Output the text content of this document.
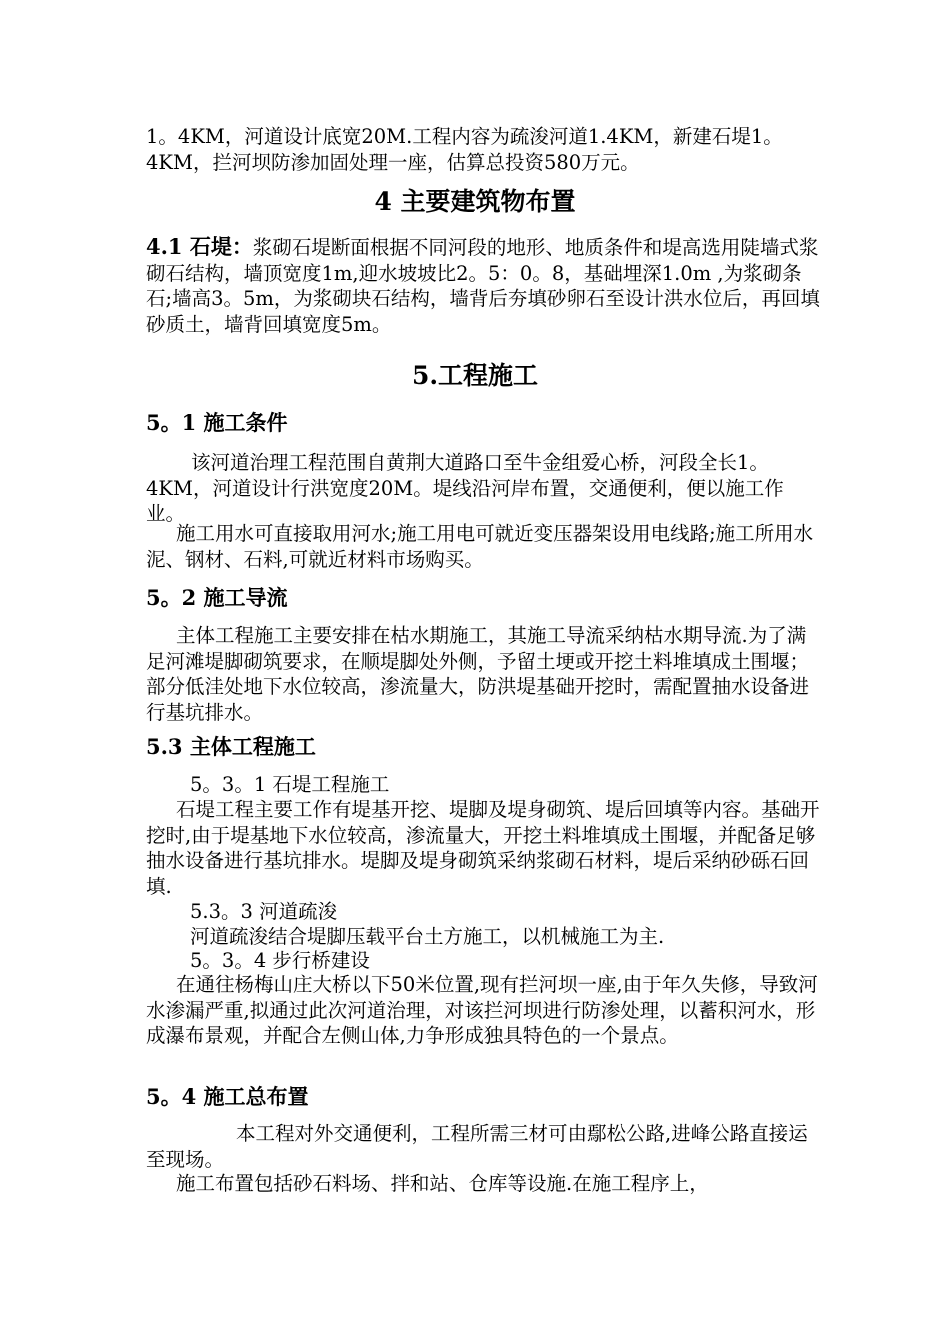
1。4KM，河道设计底宽20M.工程内容为疏浚河道1.4KM，新建石堤1。4KM，拦河坝防渗加固处理一座，估算总投资580万元。

4 主要建筑物布置

4.1 石堤：浆砌石堤断面根据不同河段的地形、地质条件和堤高选用陡墙式浆砌石结构，墙顶宽度1m,迎水坡坡比2。5：0。8，基础埋深1.0m ,为浆砌条石;墙高3。5m，为浆砌块石结构，墙背后夯填砂卵石至设计洪水位后，再回填砂质土，墙背回填宽度5m。

5.工程施工
5。1 施工条件

该河道治理工程范围自黄荆大道路口至牛金组爱心桥，河段全长1。4KM，河道设计行洪宽度20M。堤线沿河岸布置，交通便利，便以施工作业。

施工用水可直接取用河水;施工用电可就近变压器架设用电线路;施工所用水泥、钢材、石料,可就近材料市场购买。

5。2 施工导流

主体工程施工主要安排在枯水期施工，其施工导流采纳枯水期导流.为了满足河滩堤脚砌筑要求，在顺堤脚处外侧，予留土埂或开挖土料堆填成土围堰；部分低洼处地下水位较高，渗流量大，防洪堤基础开挖时，需配置抽水设备进行基坑排水。

5.3 主体工程施工

5。3。1 石堤工程施工

石堤工程主要工作有堤基开挖、堤脚及堤身砌筑、堤后回填等内容。基础开挖时,由于堤基地下水位较高，渗流量大，开挖土料堆填成土围堰，并配备足够抽水设备进行基坑排水。堤脚及堤身砌筑采纳浆砌石材料，堤后采纳砂砾石回填.

5.3。3 河道疏浚

河道疏浚结合堤脚压载平台土方施工，以机械施工为主.

5。3。4 步行桥建设

在通往杨梅山庄大桥以下50米位置,现有拦河坝一座,由于年久失修，导致河水渗漏严重,拟通过此次河道治理，对该拦河坝进行防渗处理，以蓄积河水，形成瀑布景观，并配合左侧山体,力争形成独具特色的一个景点。

5。4 施工总布置

本工程对外交通便利，工程所需三材可由鄢松公路,进峰公路直接运至现场。

施工布置包括砂石料场、拌和站、仓库等设施.在施工程序上，
